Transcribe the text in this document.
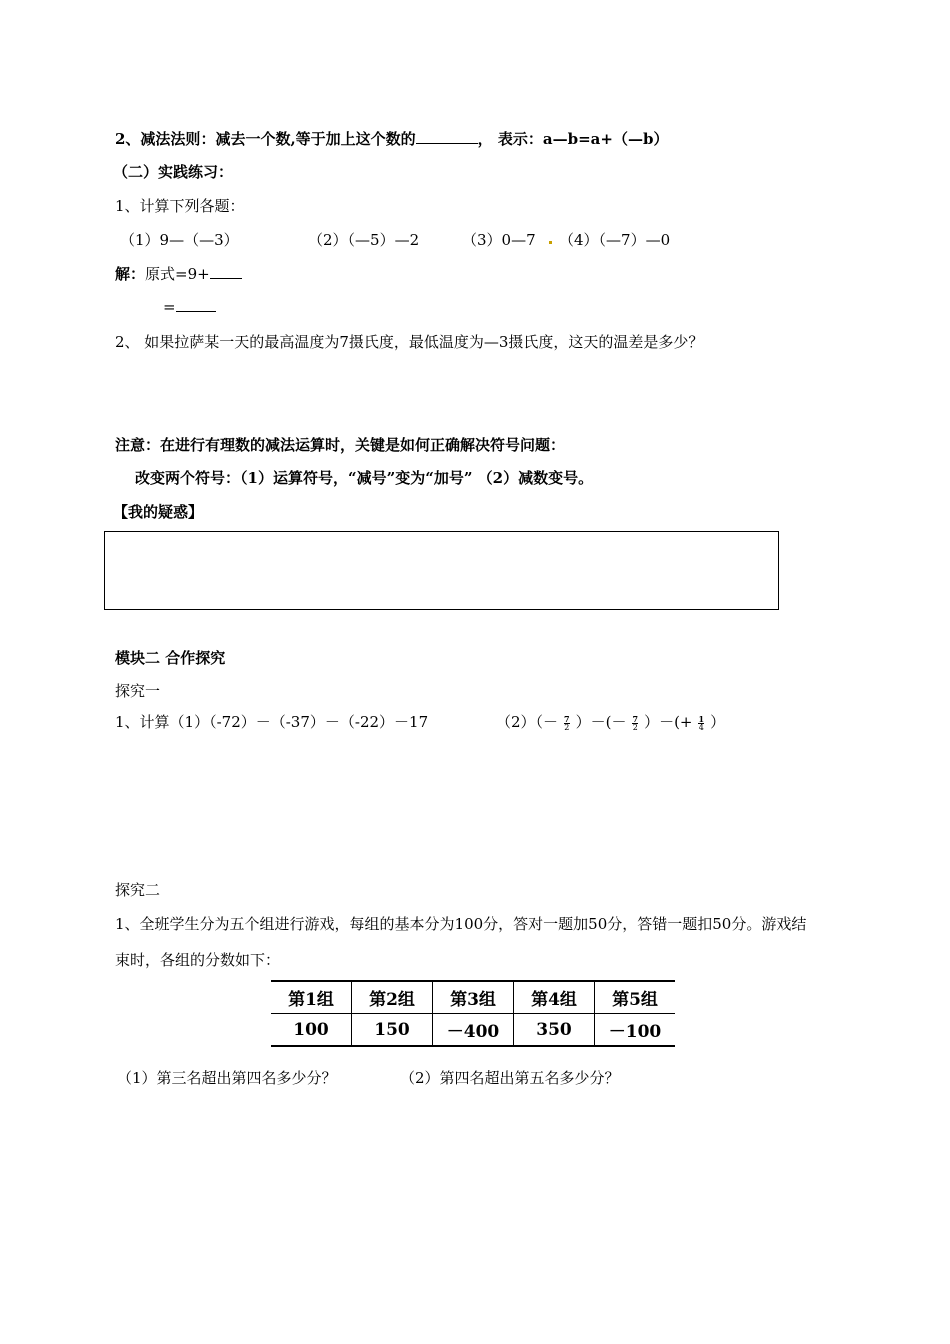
2、减法法则：减去一个数,等于加上这个数的	， 表示：a—b=a+（—b）
（二）实践练习：
1、计算下列各题：
（1）9—（—3）	（2）（—5）—2	（3）0—7 （4）（—7）—0
解：原式=9+
=
2、 如果拉萨某一天的最高温度为7摄氏度，最低温度为—3摄氏度，这天的温差是多少？
注意：在进行有理数的减法运算时，关键是如何正确解决符号问题：
改变两个符号：（1）运算符号，“减号”变为“加号” （2）减数变号。
【我的疑惑】
模块二 合作探究
探究一
1、计算（1）（-72）－（-37）－（-22）－17	$(2)(- \frac{7}{2}$ ）－(－ $\frac{7}{2}$ ）－(+ $\frac{1}{4}$ ）
探究二
1、全班学生分为五个组进行游戏，每组的基本分为100分，答对一题加50分，答错一题扣50分。游戏结
束时，各组的分数如下：
第1组	第2组	第3组	第4组	第5组
100	150	－400	350	－100
（1）第三名超出第四名多少分？	（2）第四名超出第五名多少分？
